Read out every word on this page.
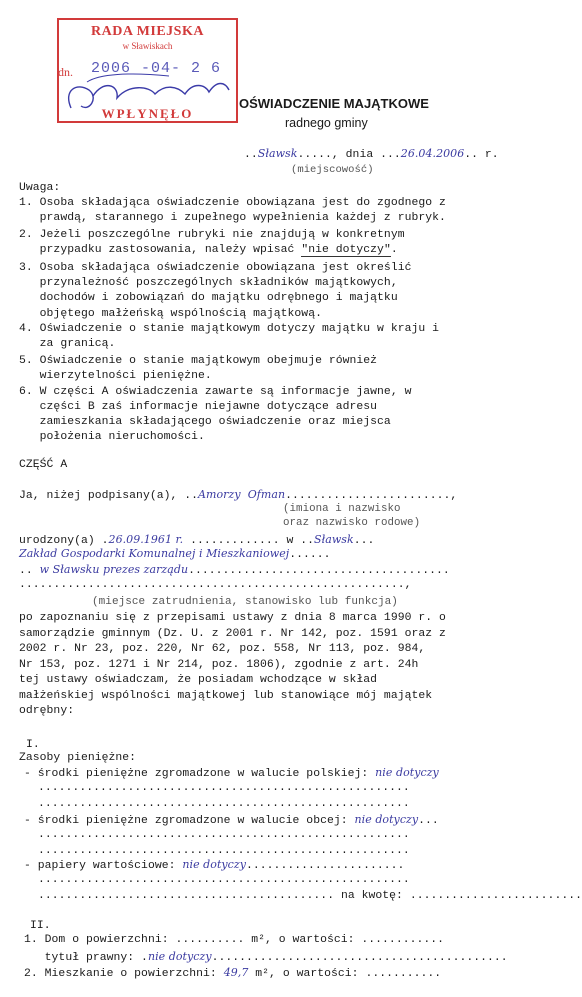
RADA MIEJSKA
w Sławiskach
dn. 2006 -04- 2 6
WPŁYNĘŁO
OŚWIADCZENIE MAJĄTKOWE
radnego gminy
..Sławsk....., dnia ...26.04.2006.. r.
(miejscowość)
Uwaga:
1. Osoba składająca oświadczenie obowiązana jest do zgodnego z
prawdą, starannego i zupełnego wypełnienia każdej z rubryk.
2. Jeżeli poszczególne rubryki nie znajdują w konkretnym
przypadku zastosowania, należy wpisać "nie dotyczy".
3. Osoba składająca oświadczenie obowiązana jest określić
przynależność poszczególnych składników majątkowych,
dochodów i zobowiązań do majątku odrębnego i majątku
objętego małżeńską wspólnością majątkową.
4. Oświadczenie o stanie majątkowym dotyczy majątku w kraju i
za granicą.
5. Oświadczenie o stanie majątkowym obejmuje również
wierzytelności pieniężne.
6. W części A oświadczenia zawarte są informacje jawne, w
części B zaś informacje niejawne dotyczące adresu
zamieszkania składającego oświadczenie oraz miejsca
położenia nieruchomości.
CZĘŚĆ A
Ja, niżej podpisany(a), ..Amorzy  Ofman........................,
(imiona i nazwisko
oraz nazwisko rodowe)
urodzony(a) .26.09.1961 r. ............. w ..Sławsk...
Zakład Gospodarki Komunalnej i Mieszkaniowej......
.. w Sławsku prezes zarządu......................................
........................................................,
(miejsce zatrudnienia, stanowisko lub funkcja)
po zapoznaniu się z przepisami ustawy z dnia 8 marca 1990 r. o
samorządzie gminnym (Dz. U. z 2001 r. Nr 142, poz. 1591 oraz z
2002 r. Nr 23, poz. 220, Nr 62, poz. 558, Nr 113, poz. 984,
Nr 153, poz. 1271 i Nr 214, poz. 1806), zgodnie z art. 24h
tej ustawy oświadczam, że posiadam wchodzące w skład
małżeńskiej wspólności majątkowej lub stanowiące mój majątek
odrębny:
I.
Zasoby pieniężne:
- środki pieniężne zgromadzone w walucie polskiej: nie dotyczy
......................................................
......................................................
- środki pieniężne zgromadzone w walucie obcej: nie dotyczy...
......................................................
......................................................
- papiery wartościowe: nie dotyczy.......................
......................................................
........................................... na kwotę: .........................
II.
1. Dom o powierzchni: .......... m², o wartości: ............
tytuł prawny: .nie dotyczy...........................................
2. Mieszkanie o powierzchni: 49,7 m², o wartości: ...........
